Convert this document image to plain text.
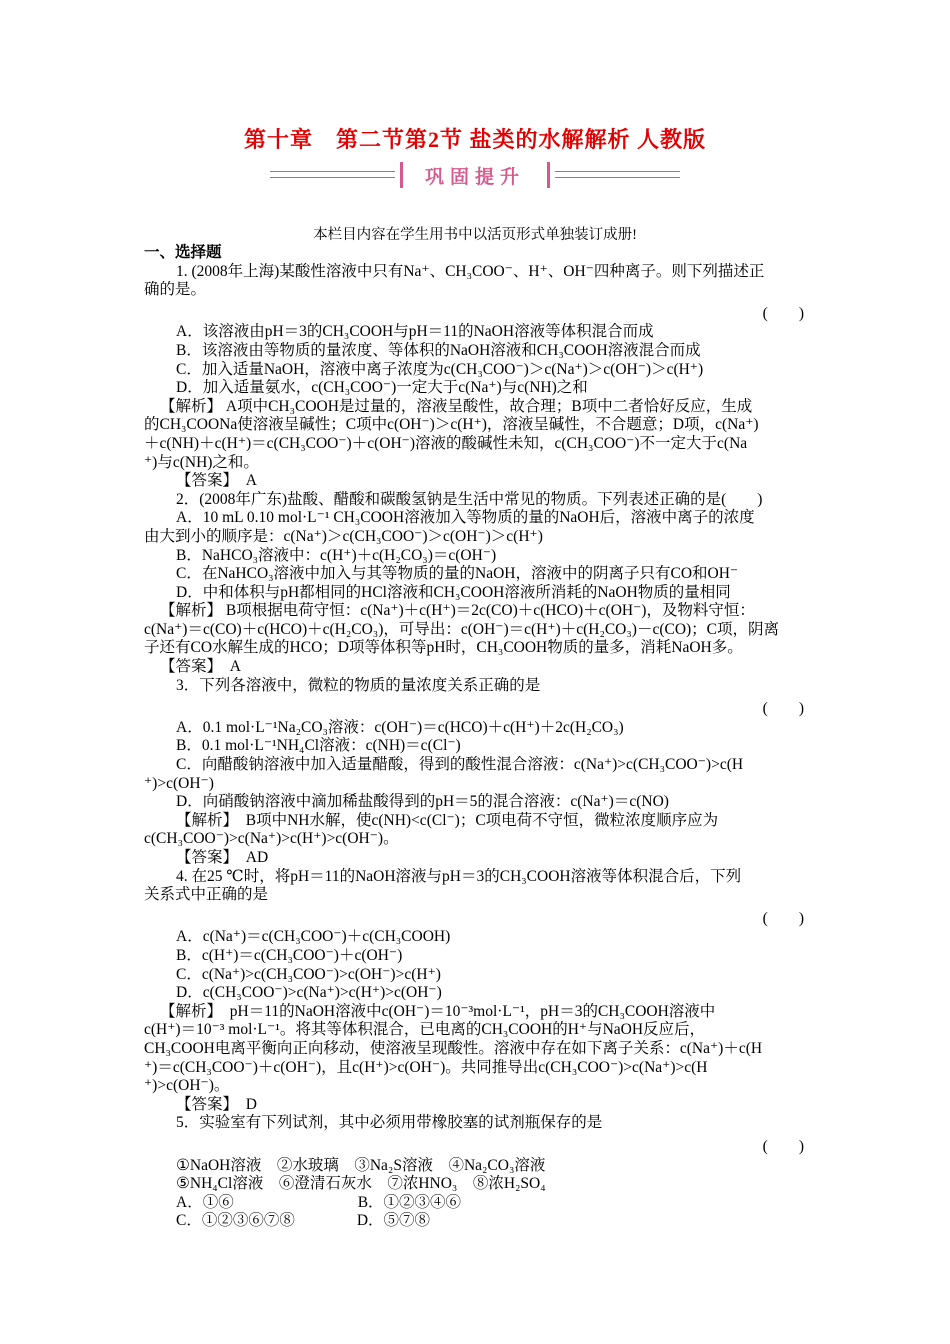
第十章　第二节第2节 盐类的水解解析 人教版
巩固提升
本栏目内容在学生用书中以活页形式单独装订成册!

一、选择题

1. (2008年上海)某酸性溶液中只有Na⁺、CH₃COO⁻、H⁺、OH⁻四种离子。则下列描述正

确的是。

(　　)

A．该溶液由pH＝3的CH₃COOH与pH＝11的NaOH溶液等体积混合而成

B．该溶液由等物质的量浓度、等体积的NaOH溶液和CH₃COOH溶液混合而成

C．加入适量NaOH，溶液中离子浓度为c(CH₃COO⁻)＞c(Na⁺)＞c(OH⁻)＞c(H⁺)

D．加入适量氨水，c(CH₃COO⁻)一定大于c(Na⁺)与c(NH)之和

【解析】 A项中CH₃COOH是过量的，溶液呈酸性，故合理；B项中二者恰好反应，生成

的CH₃COONa使溶液呈碱性；C项中c(OH⁻)＞c(H⁺)，溶液呈碱性，不合题意；D项，c(Na⁺)

＋c(NH)＋c(H⁺)＝c(CH₃COO⁻)＋c(OH⁻)溶液的酸碱性未知，c(CH₃COO⁻)不一定大于c(Na

⁺)与c(NH)之和。

【答案】　A

2．(2008年广东)盐酸、醋酸和碳酸氢钠是生活中常见的物质。下列表述正确的是(　　)

A．10 mL 0.10 mol·L⁻¹ CH₃COOH溶液加入等物质的量的NaOH后，溶液中离子的浓度

由大到小的顺序是：c(Na⁺)＞c(CH₃COO⁻)＞c(OH⁻)＞c(H⁺)

B．NaHCO₃溶液中：c(H⁺)＋c(H₂CO₃)＝c(OH⁻)

C．在NaHCO₃溶液中加入与其等物质的量的NaOH，溶液中的阴离子只有CO和OH⁻

D．中和体积与pH都相同的HCl溶液和CH₃COOH溶液所消耗的NaOH物质的量相同

【解析】 B项根据电荷守恒：c(Na⁺)＋c(H⁺)＝2c(CO)＋c(HCO)＋c(OH⁻)，及物料守恒：

c(Na⁺)＝c(CO)＋c(HCO)＋c(H₂CO₃)，可导出：c(OH⁻)＝c(H⁺)＋c(H₂CO₃)－c(CO)；C项，阴离

子还有CO水解生成的HCO；D项等体积等pH时，CH₃COOH物质的量多，消耗NaOH多。

【答案】　A

3．下列各溶液中，微粒的物质的量浓度关系正确的是

(　　)

A．0.1 mol·L⁻¹Na₂CO₃溶液：c(OH⁻)＝c(HCO)＋c(H⁺)＋2c(H₂CO₃)

B．0.1 mol·L⁻¹NH₄Cl溶液：c(NH)＝c(Cl⁻)

C．向醋酸钠溶液中加入适量醋酸，得到的酸性混合溶液：c(Na⁺)>c(CH₃COO⁻)>c(H

⁺)>c(OH⁻)

D．向硝酸钠溶液中滴加稀盐酸得到的pH＝5的混合溶液：c(Na⁺)＝c(NO)

【解析】　B项中NH水解，使c(NH)<c(Cl⁻)；C项电荷不守恒，微粒浓度顺序应为

c(CH₃COO⁻)>c(Na⁺)>c(H⁺)>c(OH⁻)。

【答案】　AD

4. 在25 ℃时，将pH＝11的NaOH溶液与pH＝3的CH₃COOH溶液等体积混合后，下列

关系式中正确的是

(　　)

A．c(Na⁺)＝c(CH₃COO⁻)＋c(CH₃COOH)

B．c(H⁺)＝c(CH₃COO⁻)＋c(OH⁻)

C．c(Na⁺)>c(CH₃COO⁻)>c(OH⁻)>c(H⁺)

D．c(CH₃COO⁻)>c(Na⁺)>c(H⁺)>c(OH⁻)

【解析】　pH＝11的NaOH溶液中c(OH⁻)＝10⁻³mol·L⁻¹，pH＝3的CH₃COOH溶液中

c(H⁺)＝10⁻³ mol·L⁻¹。将其等体积混合，已电离的CH₃COOH的H⁺与NaOH反应后，

CH₃COOH电离平衡向正向移动，使溶液呈现酸性。溶液中存在如下离子关系：c(Na⁺)＋c(H

⁺)＝c(CH₃COO⁻)＋c(OH⁻)，且c(H⁺)>c(OH⁻)。共同推导出c(CH₃COO⁻)>c(Na⁺)>c(H

⁺)>c(OH⁻)。

【答案】　D

5．实验室有下列试剂，其中必须用带橡胶塞的试剂瓶保存的是

(　　)

①NaOH溶液　②水玻璃　③Na₂S溶液　④Na₂CO₃溶液

⑤NH₄Cl溶液　⑥澄清石灰水　⑦浓HNO₃　⑧浓H₂SO₄

A．①⑥　　　　　　　　B．①②③④⑥

C．①②③⑥⑦⑧　　　　D．⑤⑦⑧
